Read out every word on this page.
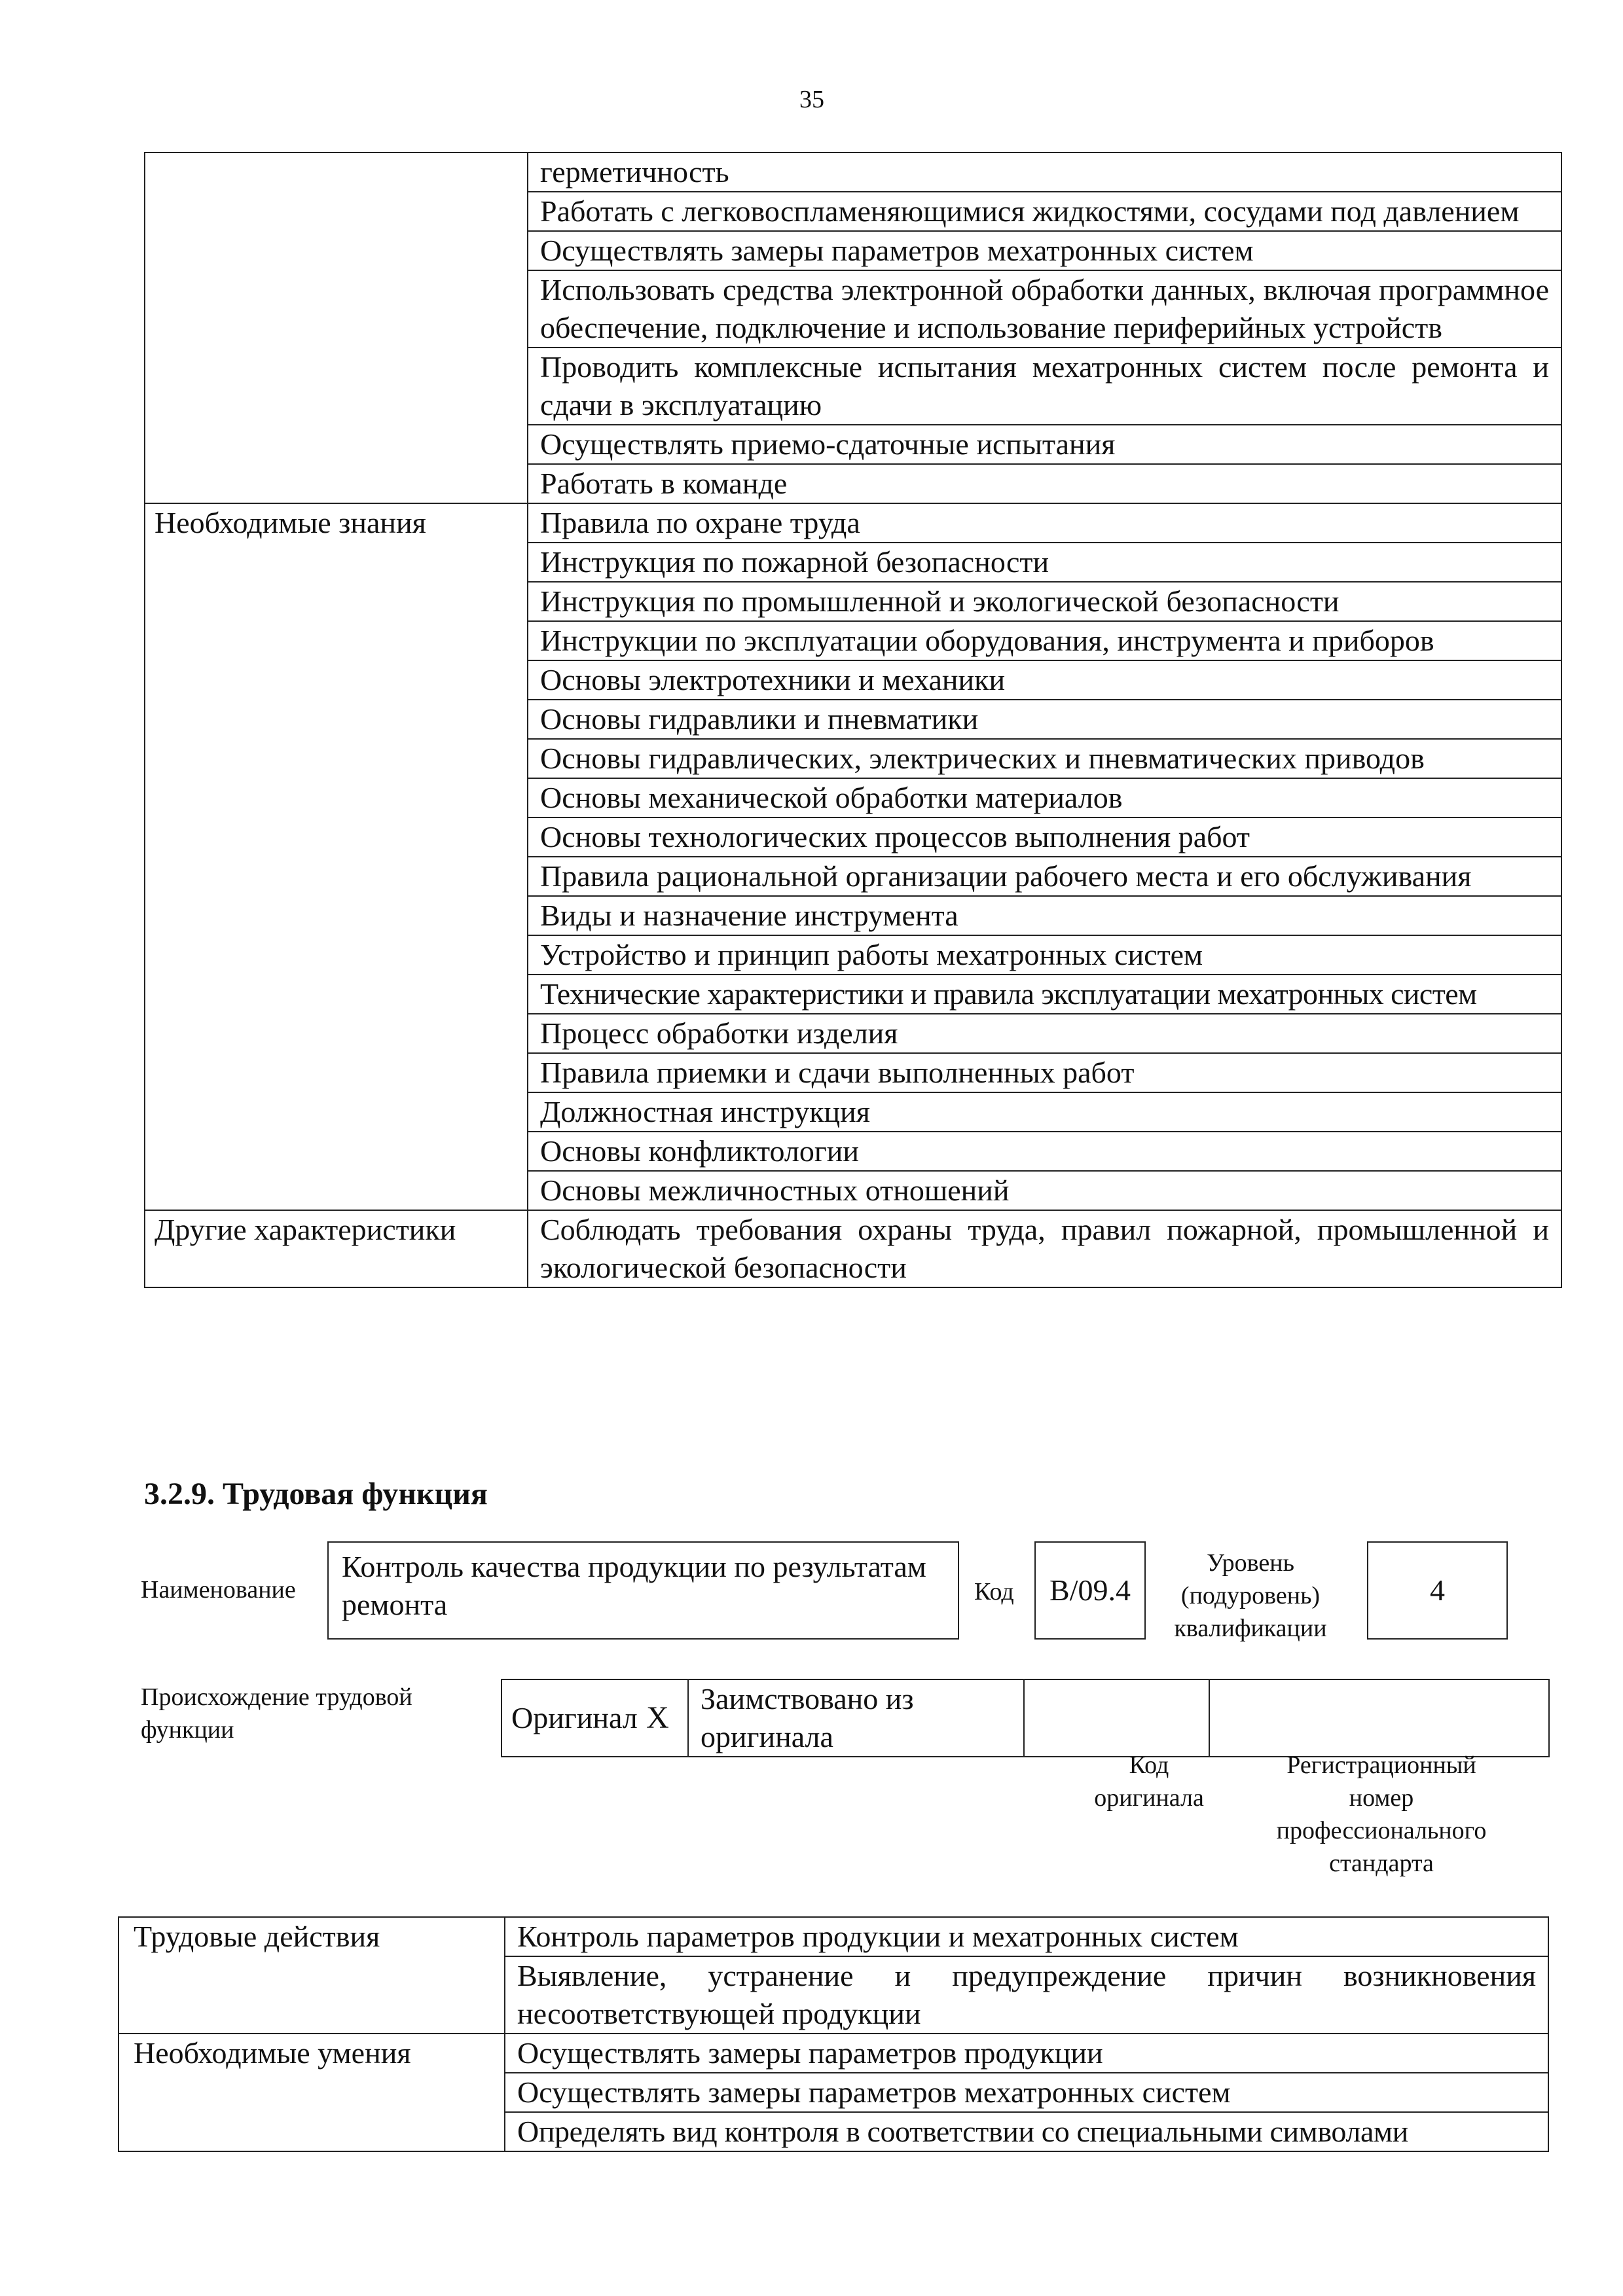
35
	герметичность
	Работать с легковоспламеняющимися жидкостями, сосудами под давлением
	Осуществлять замеры параметров мехатронных систем
	Использовать средства электронной обработки данных, включая программное обеспечение, подключение и использование периферийных устройств
	Проводить комплексные испытания мехатронных систем после ремонта и сдачи в эксплуатацию
	Осуществлять приемо-сдаточные испытания
	Работать в команде
Необходимые знания	Правила по охране труда
	Инструкция по пожарной безопасности
	Инструкция по промышленной и экологической безопасности
	Инструкции по эксплуатации оборудования, инструмента и приборов
	Основы электротехники и механики
	Основы гидравлики и пневматики
	Основы гидравлических, электрических и пневматических приводов
	Основы механической обработки материалов
	Основы технологических процессов выполнения работ
	Правила рациональной организации рабочего места и его обслуживания
	Виды и назначение инструмента
	Устройство и принцип работы мехатронных систем
	Технические характеристики и правила эксплуатации мехатронных систем
	Процесс обработки изделия
	Правила приемки и сдачи выполненных работ
	Должностная инструкция
	Основы конфликтологии
	Основы межличностных отношений
Другие характеристики	Соблюдать требования охраны труда, правил пожарной, промышленной и экологической безопасности
3.2.9. Трудовая функция
Наименование
Контроль качества продукции по результатам ремонта	Код	B/09.4
Уровень (подуровень) квалификации
4
Происхождение трудовой функции	Оригинал	X	Заимствовано из оригинала		
Код оригинала
Регистрационный номер профессионального стандарта
Трудовые действия	Контроль параметров продукции и мехатронных систем
	Выявление, устранение и предупреждение причин возникновения несоответствующей продукции
Необходимые умения	Осуществлять замеры параметров продукции
	Осуществлять замеры параметров мехатронных систем
	Определять вид контроля в соответствии со специальными символами
